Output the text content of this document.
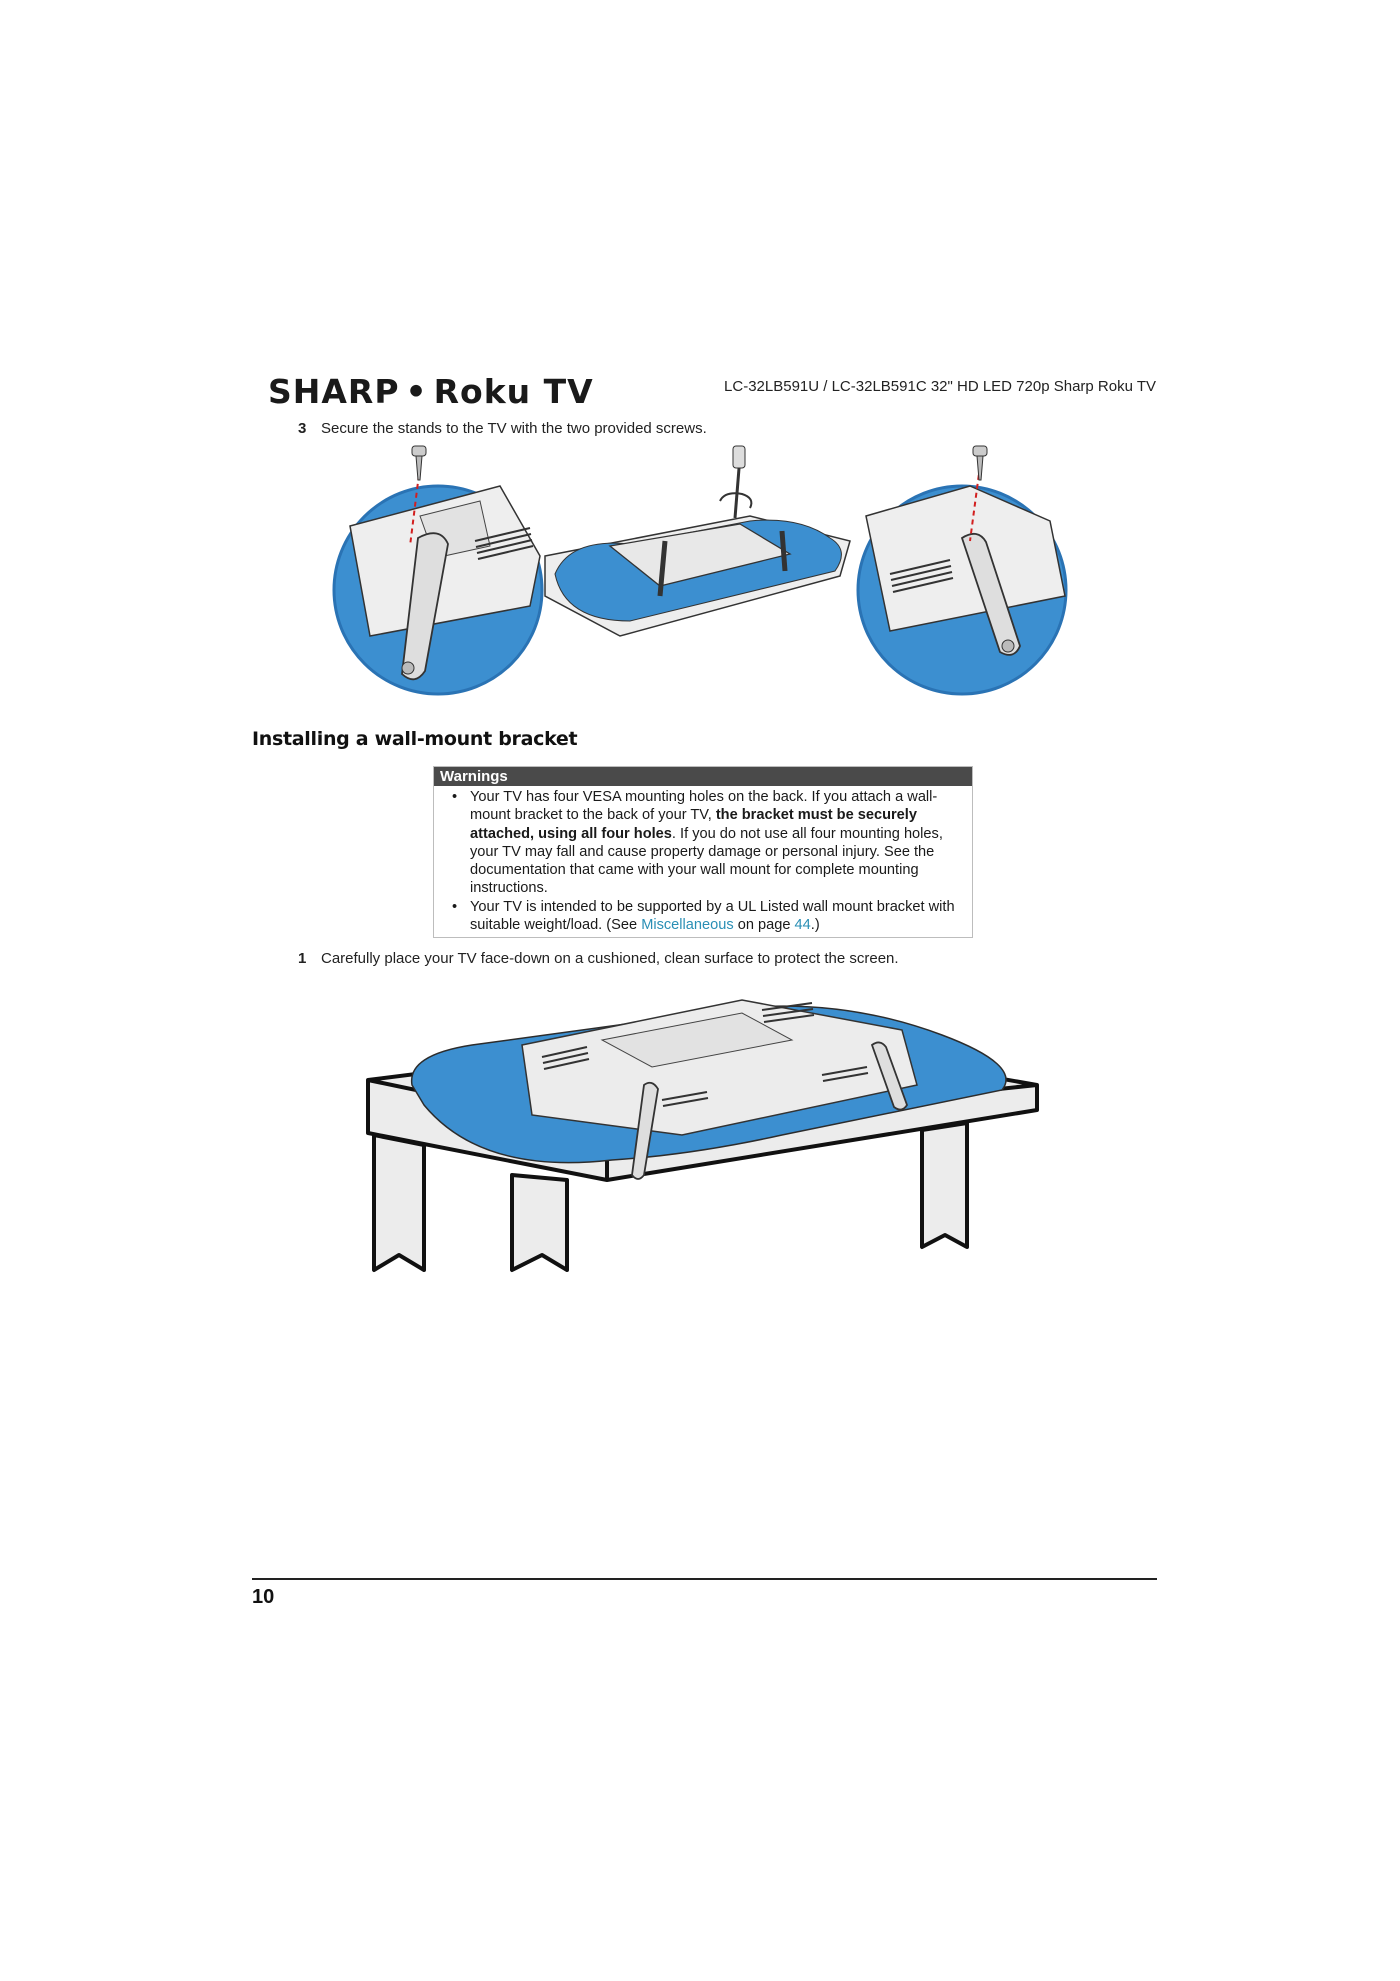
SHARP • Roku TV	LC-32LB591U / LC-32LB591C 32" HD LED 720p Sharp Roku TV
3 Secure the stands to the TV with the two provided screws.
Installing a wall-mount bracket
Warnings
• Your TV has four VESA mounting holes on the back. If you attach a wall-mount bracket to the back of your TV, the bracket must be securely attached, using all four holes. If you do not use all four mounting holes, your TV may fall and cause property damage or personal injury. See the documentation that came with your wall mount for complete mounting instructions.
• Your TV is intended to be supported by a UL Listed wall mount bracket with suitable weight/load. (See Miscellaneous on page 44.)
1 Carefully place your TV face-down on a cushioned, clean surface to protect the screen.
10
